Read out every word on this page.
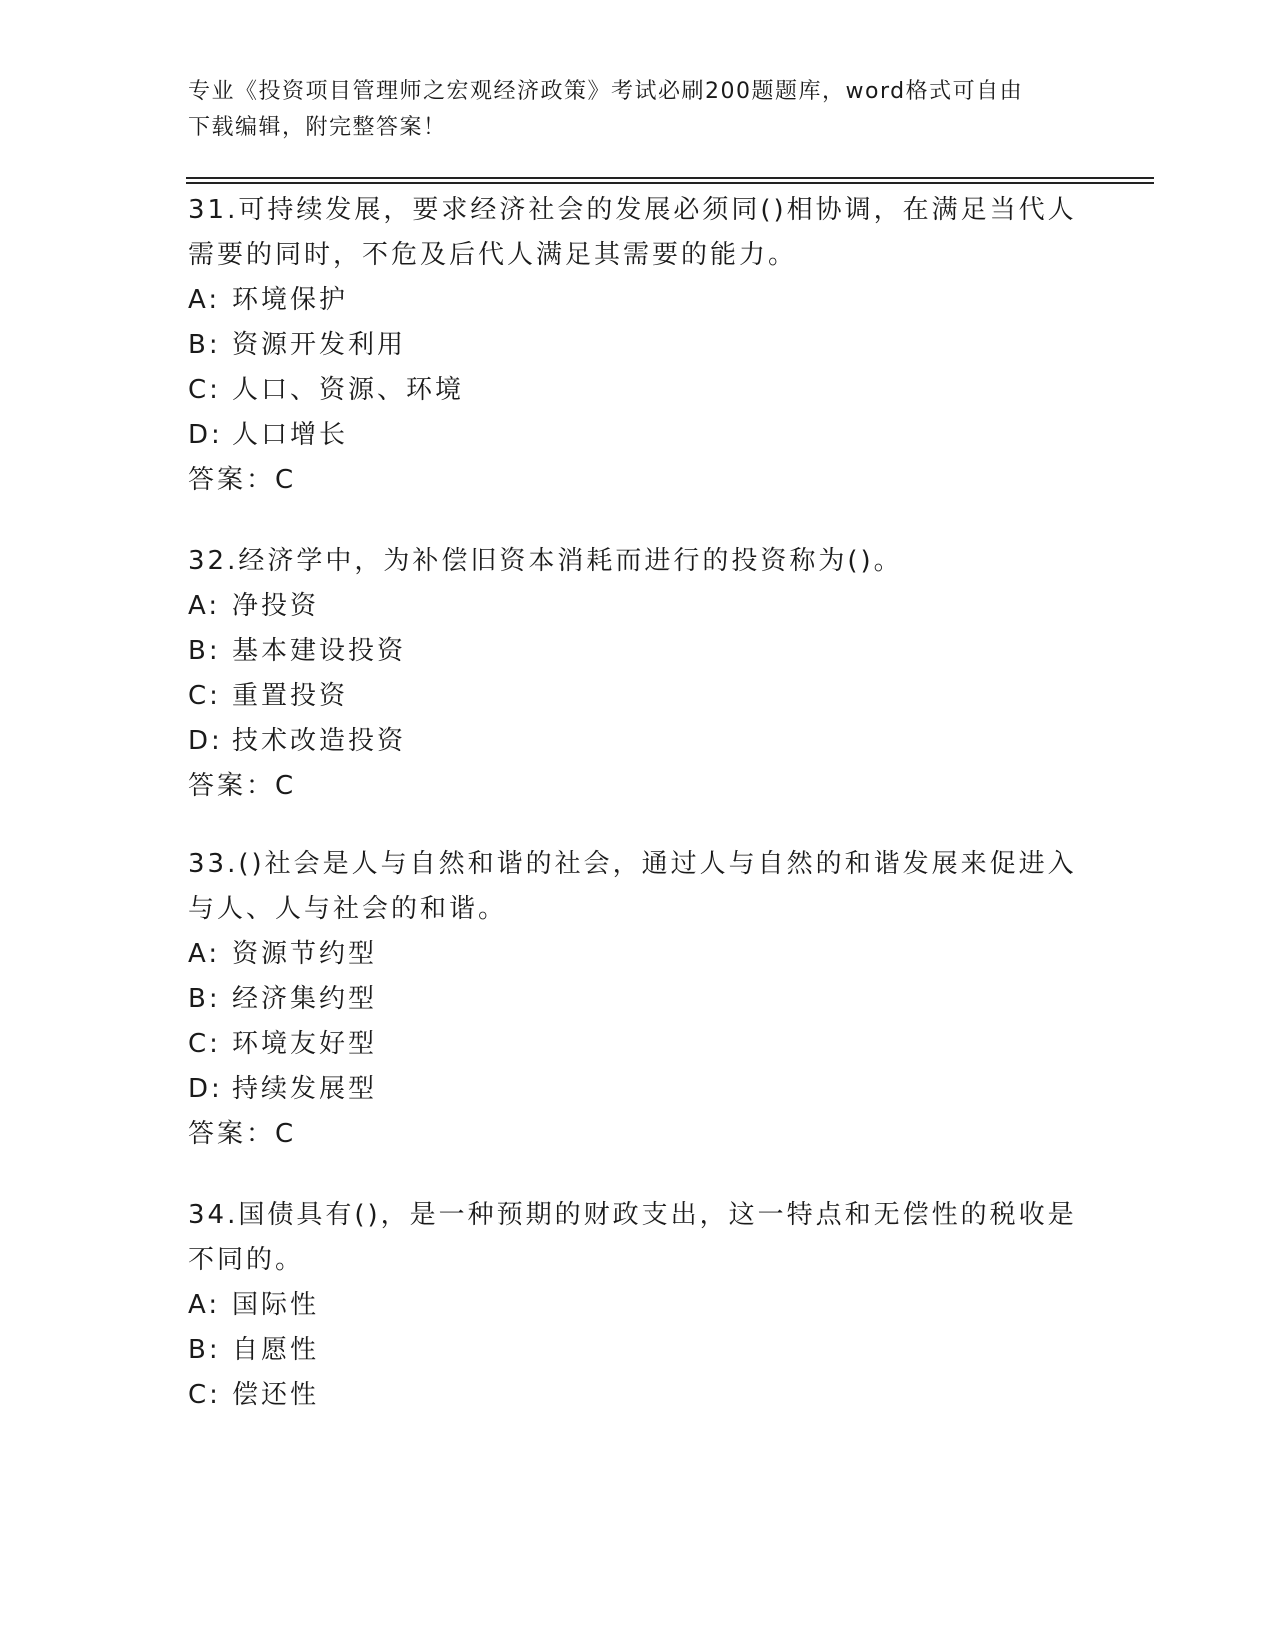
专业《投资项目管理师之宏观经济政策》考试必刷200题题库，word格式可自由

下载编辑，附完整答案！

31.可持续发展，要求经济社会的发展必须同()相协调，在满足当代人

需要的同时，不危及后代人满足其需要的能力。

A: 环境保护

B: 资源开发利用

C: 人口、资源、环境

D: 人口增长

答案：C

32.经济学中，为补偿旧资本消耗而进行的投资称为()。

A: 净投资

B: 基本建设投资

C: 重置投资

D: 技术改造投资

答案：C

33.()社会是人与自然和谐的社会，通过人与自然的和谐发展来促进入

与人、人与社会的和谐。

A: 资源节约型

B: 经济集约型

C: 环境友好型

D: 持续发展型

答案：C

34.国债具有()，是一种预期的财政支出，这一特点和无偿性的税收是

不同的。

A: 国际性

B: 自愿性

C: 偿还性
